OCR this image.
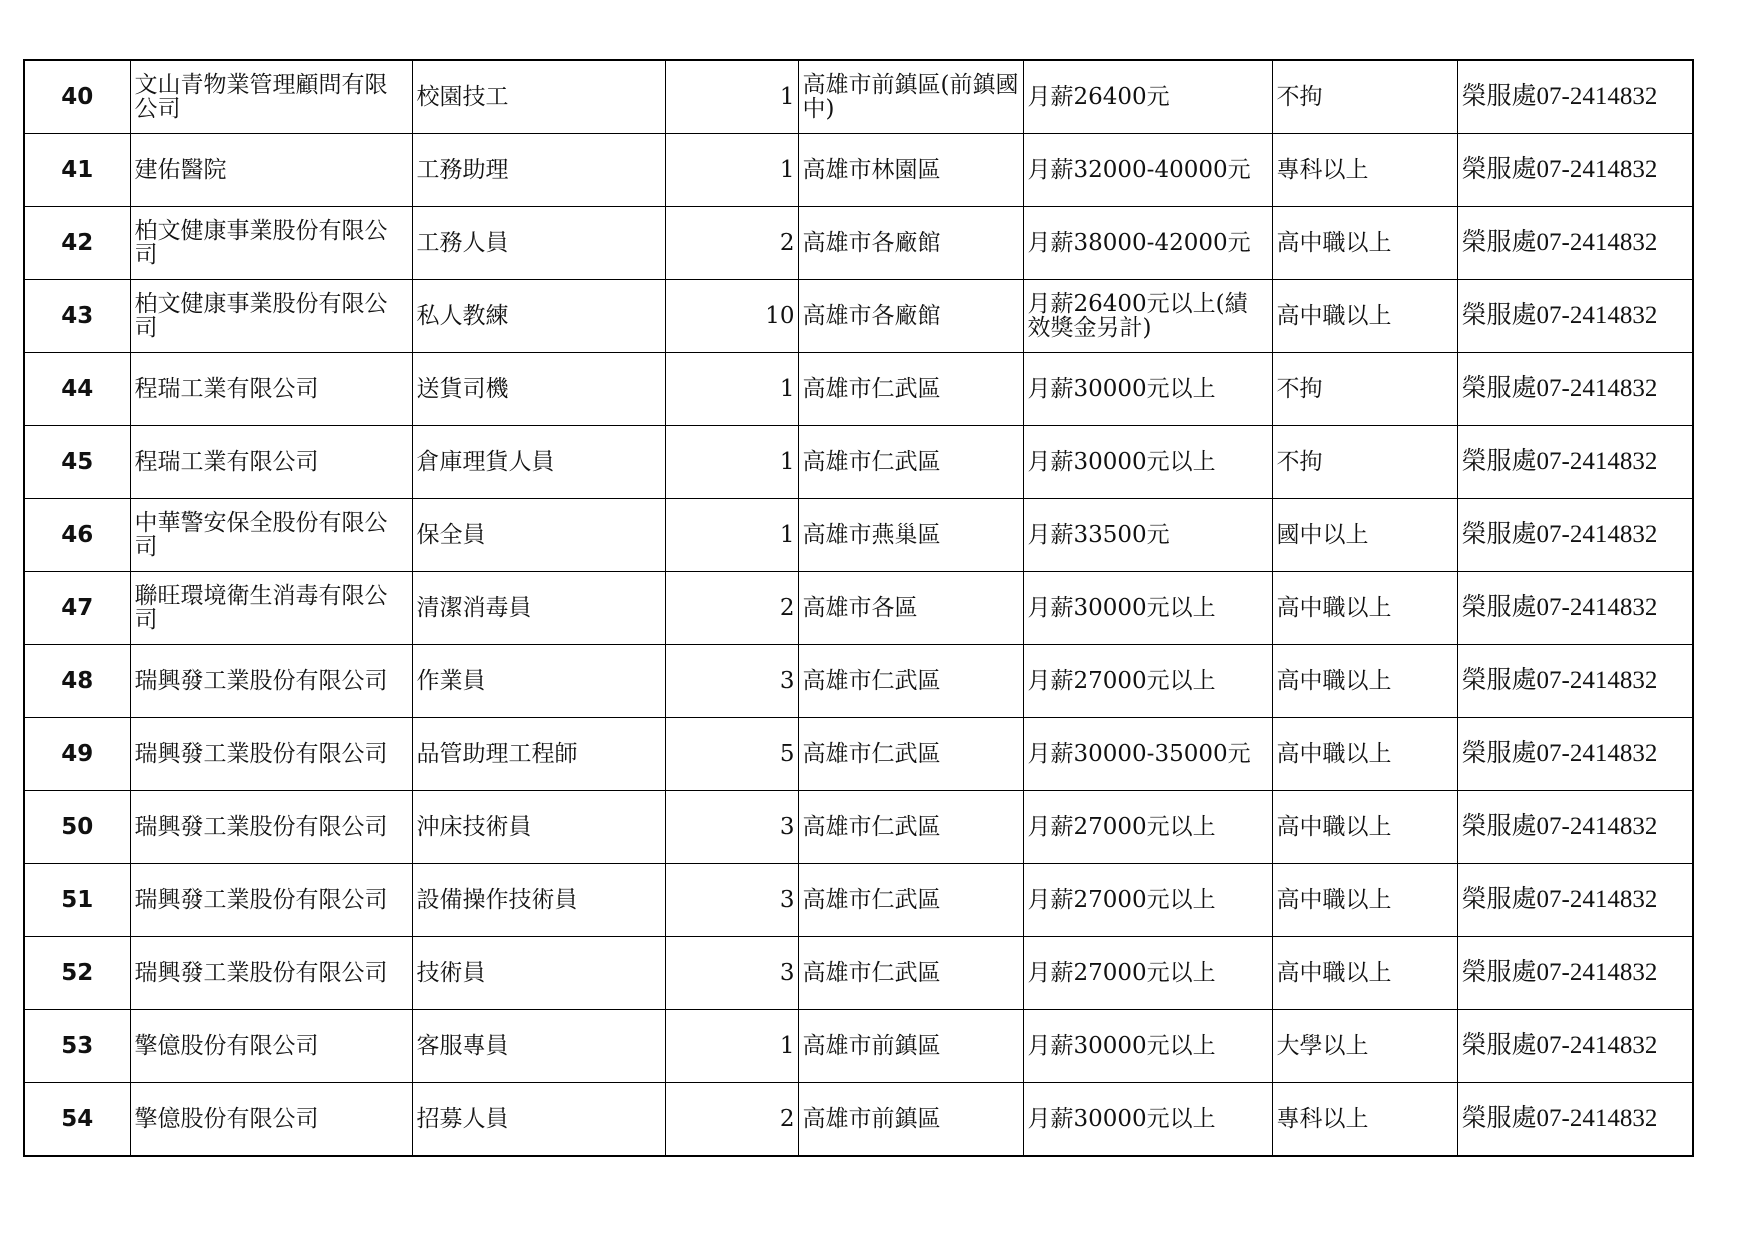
40	文山青物業管理顧問有限公司	校園技工	1	高雄市前鎮區(前鎮國中)	月薪26400元	不拘	榮服處07-2414832
41	建佑醫院	工務助理	1	高雄市林園區	月薪32000-40000元	專科以上	榮服處07-2414832
42	柏文健康事業股份有限公司	工務人員	2	高雄市各廠館	月薪38000-42000元	高中職以上	榮服處07-2414832
43	柏文健康事業股份有限公司	私人教練	10	高雄市各廠館	月薪26400元以上(績效獎金另計)	高中職以上	榮服處07-2414832
44	程瑞工業有限公司	送貨司機	1	高雄市仁武區	月薪30000元以上	不拘	榮服處07-2414832
45	程瑞工業有限公司	倉庫理貨人員	1	高雄市仁武區	月薪30000元以上	不拘	榮服處07-2414832
46	中華警安保全股份有限公司	保全員	1	高雄市燕巢區	月薪33500元	國中以上	榮服處07-2414832
47	聯旺環境衛生消毒有限公司	清潔消毒員	2	高雄市各區	月薪30000元以上	高中職以上	榮服處07-2414832
48	瑞興發工業股份有限公司	作業員	3	高雄市仁武區	月薪27000元以上	高中職以上	榮服處07-2414832
49	瑞興發工業股份有限公司	品管助理工程師	5	高雄市仁武區	月薪30000-35000元	高中職以上	榮服處07-2414832
50	瑞興發工業股份有限公司	沖床技術員	3	高雄市仁武區	月薪27000元以上	高中職以上	榮服處07-2414832
51	瑞興發工業股份有限公司	設備操作技術員	3	高雄市仁武區	月薪27000元以上	高中職以上	榮服處07-2414832
52	瑞興發工業股份有限公司	技術員	3	高雄市仁武區	月薪27000元以上	高中職以上	榮服處07-2414832
53	擎億股份有限公司	客服專員	1	高雄市前鎮區	月薪30000元以上	大學以上	榮服處07-2414832
54	擎億股份有限公司	招募人員	2	高雄市前鎮區	月薪30000元以上	專科以上	榮服處07-2414832
